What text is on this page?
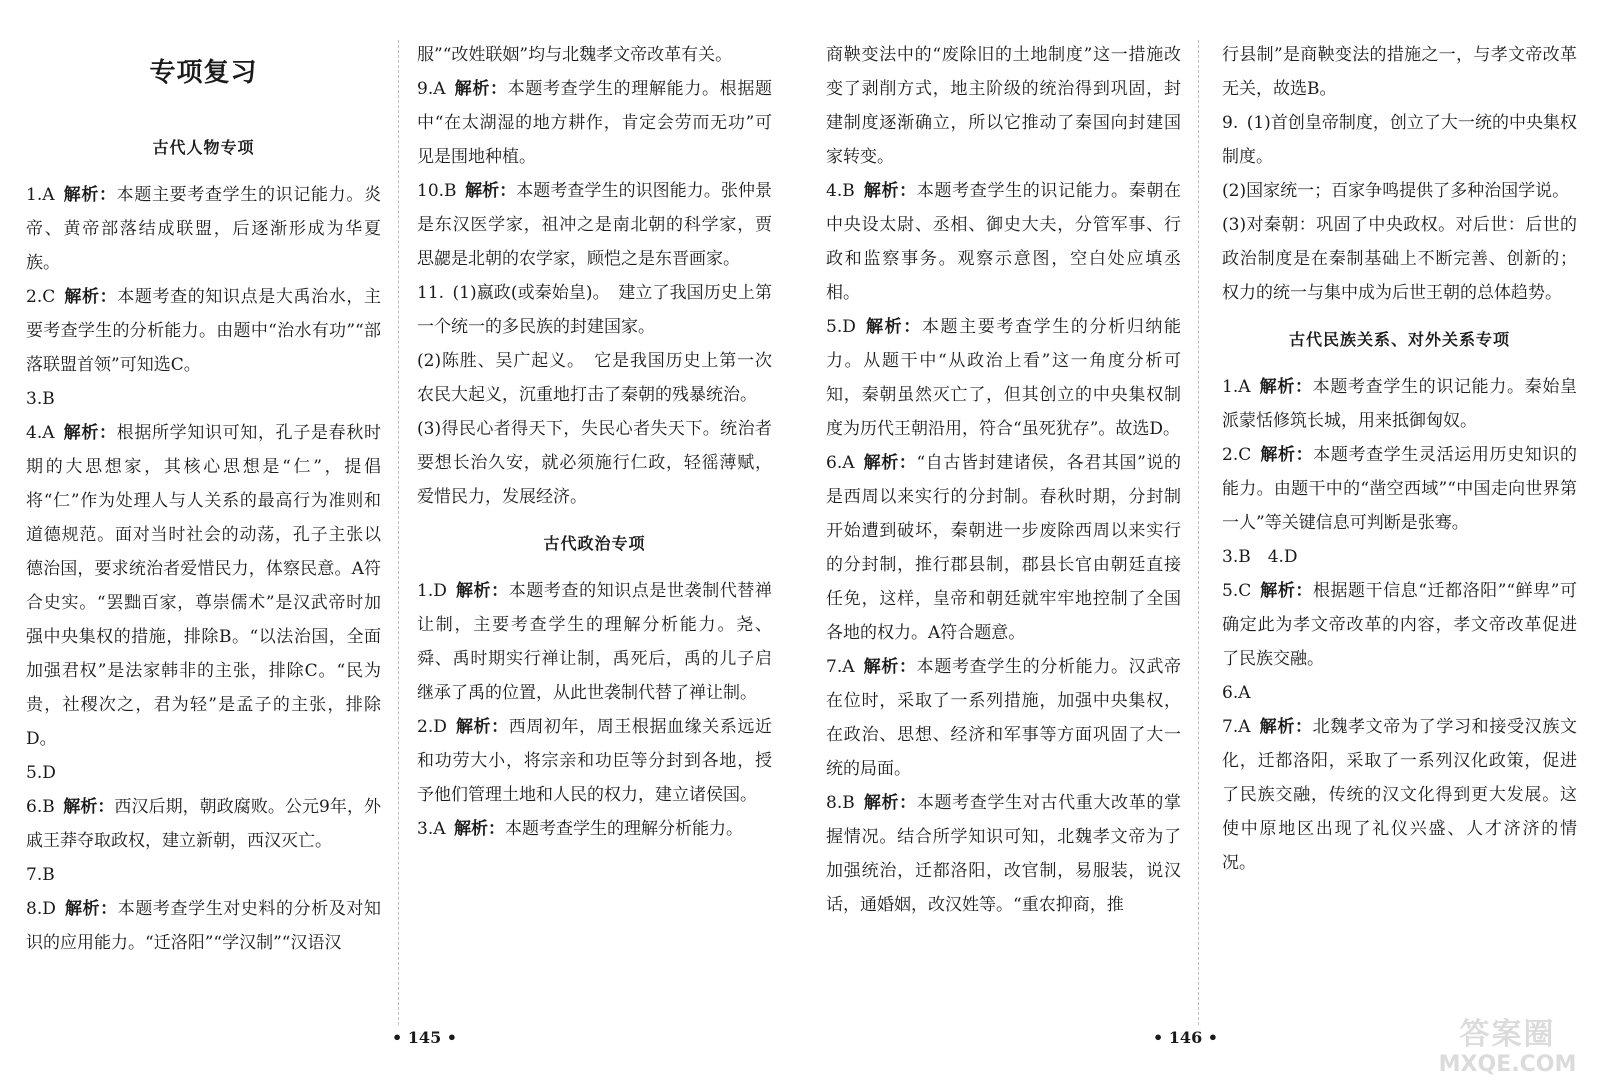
专项复习
古代人物专项

1.A  解析：本题主要考查学生的识记能力。炎帝、黄帝部落结成联盟，后逐渐形成为华夏族。

2.C  解析：本题考查的知识点是大禹治水，主要考查学生的分析能力。由题中“治水有功”“部落联盟首领”可知选C。

3.B

4.A  解析：根据所学知识可知，孔子是春秋时期的大思想家，其核心思想是“仁”，提倡将“仁”作为处理人与人关系的最高行为准则和道德规范。面对当时社会的动荡，孔子主张以德治国，要求统治者爱惜民力，体察民意。A符合史实。“罢黜百家，尊崇儒术”是汉武帝时加强中央集权的措施，排除B。“以法治国，全面加强君权”是法家韩非的主张，排除C。“民为贵，社稷次之，君为轻”是孟子的主张，排除D。

5.D

6.B  解析：西汉后期，朝政腐败。公元9年，外戚王莽夺取政权，建立新朝，西汉灭亡。

7.B

8.D  解析：本题考查学生对史料的分析及对知识的应用能力。“迁洛阳”“学汉制”“汉语汉

服”“改姓联姻”均与北魏孝文帝改革有关。

9.A  解析：本题考查学生的理解能力。根据题中“在太湖湿的地方耕作，肯定会劳而无功”可见是围地种植。

10.B  解析：本题考查学生的识图能力。张仲景是东汉医学家，祖冲之是南北朝的科学家，贾思勰是北朝的农学家，顾恺之是东晋画家。

11.  (1)嬴政(或秦始皇)。　建立了我国历史上第一个统一的多民族的封建国家。

(2)陈胜、吴广起义。　它是我国历史上第一次农民大起义，沉重地打击了秦朝的残暴统治。

(3)得民心者得天下，失民心者失天下。统治者要想长治久安，就必须施行仁政，轻徭薄赋，爱惜民力，发展经济。

古代政治专项

1.D  解析：本题考查的知识点是世袭制代替禅让制，主要考查学生的理解分析能力。尧、舜、禹时期实行禅让制，禹死后，禹的儿子启继承了禹的位置，从此世袭制代替了禅让制。

2.D  解析：西周初年，周王根据血缘关系远近和功劳大小，将宗亲和功臣等分封到各地，授予他们管理土地和人民的权力，建立诸侯国。

3.A  解析：本题考查学生的理解分析能力。

• 145 •

商鞅变法中的“废除旧的土地制度”这一措施改变了剥削方式，地主阶级的统治得到巩固，封建制度逐渐确立，所以它推动了秦国向封建国家转变。

4.B  解析：本题考查学生的识记能力。秦朝在中央设太尉、丞相、御史大夫，分管军事、行政和监察事务。观察示意图，空白处应填丞相。

5.D  解析：本题主要考查学生的分析归纳能力。从题干中“从政治上看”这一角度分析可知，秦朝虽然灭亡了，但其创立的中央集权制度为历代王朝沿用，符合“虽死犹存”。故选D。

6.A  解析：“自古皆封建诸侯，各君其国”说的是西周以来实行的分封制。春秋时期，分封制开始遭到破坏，秦朝进一步废除西周以来实行的分封制，推行郡县制，郡县长官由朝廷直接任免，这样，皇帝和朝廷就牢牢地控制了全国各地的权力。A符合题意。

7.A  解析：本题考查学生的分析能力。汉武帝在位时，采取了一系列措施，加强中央集权，在政治、思想、经济和军事等方面巩固了大一统的局面。

8.B  解析：本题考查学生对古代重大改革的掌握情况。结合所学知识可知，北魏孝文帝为了加强统治，迁都洛阳，改官制，易服装，说汉话，通婚姻，改汉姓等。“重农抑商，推

行县制”是商鞅变法的措施之一，与孝文帝改革无关，故选B。

9.  (1)首创皇帝制度，创立了大一统的中央集权制度。

(2)国家统一；百家争鸣提供了多种治国学说。

(3)对秦朝：巩固了中央政权。对后世：后世的政治制度是在秦制基础上不断完善、创新的；权力的统一与集中成为后世王朝的总体趋势。

古代民族关系、对外关系专项

1.A  解析：本题考查学生的识记能力。秦始皇派蒙恬修筑长城，用来抵御匈奴。

2.C  解析：本题考查学生灵活运用历史知识的能力。由题干中的“凿空西域”“中国走向世界第一人”等关键信息可判断是张骞。

3.B　4.D

5.C  解析：根据题干信息“迁都洛阳”“鲜卑”可确定此为孝文帝改革的内容，孝文帝改革促进了民族交融。

6.A

7.A  解析：北魏孝文帝为了学习和接受汉族文化，迁都洛阳，采取了一系列汉化政策，促进了民族交融，传统的汉文化得到更大发展。这使中原地区出现了礼仪兴盛、人才济济的情况。

• 146 •	答案圈
MXQE.COM
